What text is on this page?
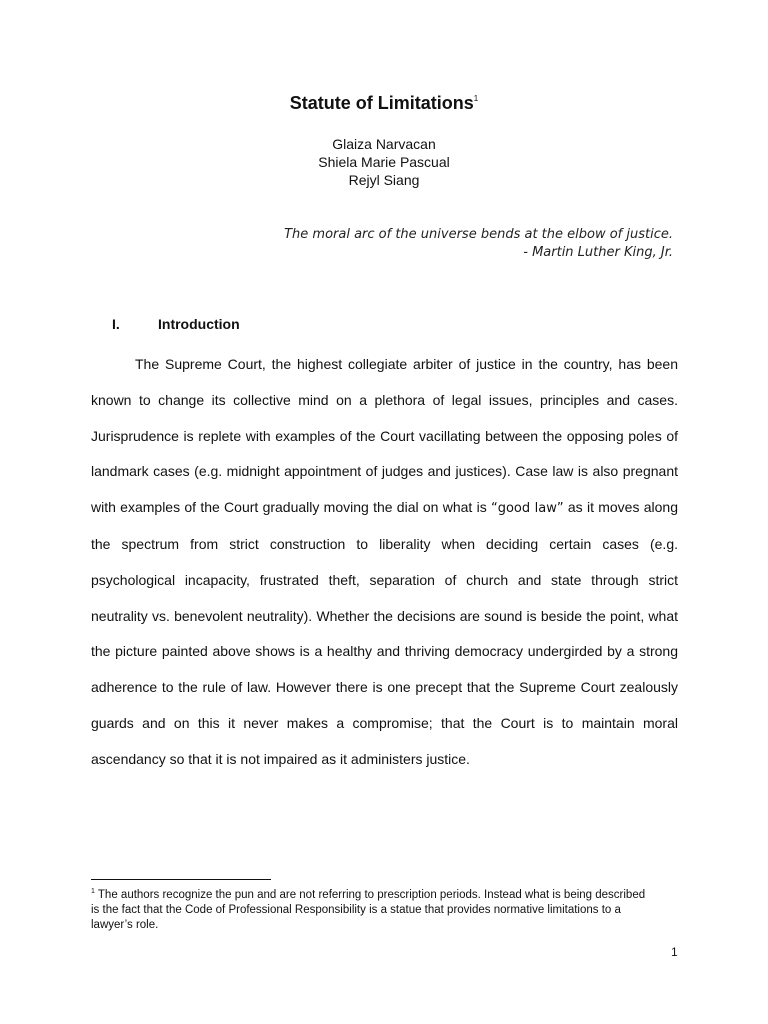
Statute of Limitations$^1$
Glaiza Narvacan
Shiela Marie Pascual
Rejyl Siang
The moral arc of the universe bends at the elbow of justice.
- Martin Luther King, Jr.
I.	Introduction

The Supreme Court, the highest collegiate arbiter of justice in the country, has been known to change its collective mind on a plethora of legal issues, principles and cases. Jurisprudence is replete with examples of the Court vacillating between the opposing poles of landmark cases (e.g. midnight appointment of judges and justices). Case law is also pregnant with examples of the Court gradually moving the dial on what is “good law” as it moves along the spectrum from strict construction to liberality when deciding certain cases (e.g. psychological incapacity, frustrated theft, separation of church and state through strict neutrality vs. benevolent neutrality). Whether the decisions are sound is beside the point, what the picture painted above shows is a healthy and thriving democracy undergirded by a strong adherence to the rule of law. However there is one precept that the Supreme Court zealously guards and on this it never makes a compromise; that the Court is to maintain moral ascendancy so that it is not impaired as it administers justice.

$^1$ The authors recognize the pun and are not referring to prescription periods. Instead what is being described is the fact that the Code of Professional Responsibility is a statue that provides normative limitations to a lawyer’s role.
1
